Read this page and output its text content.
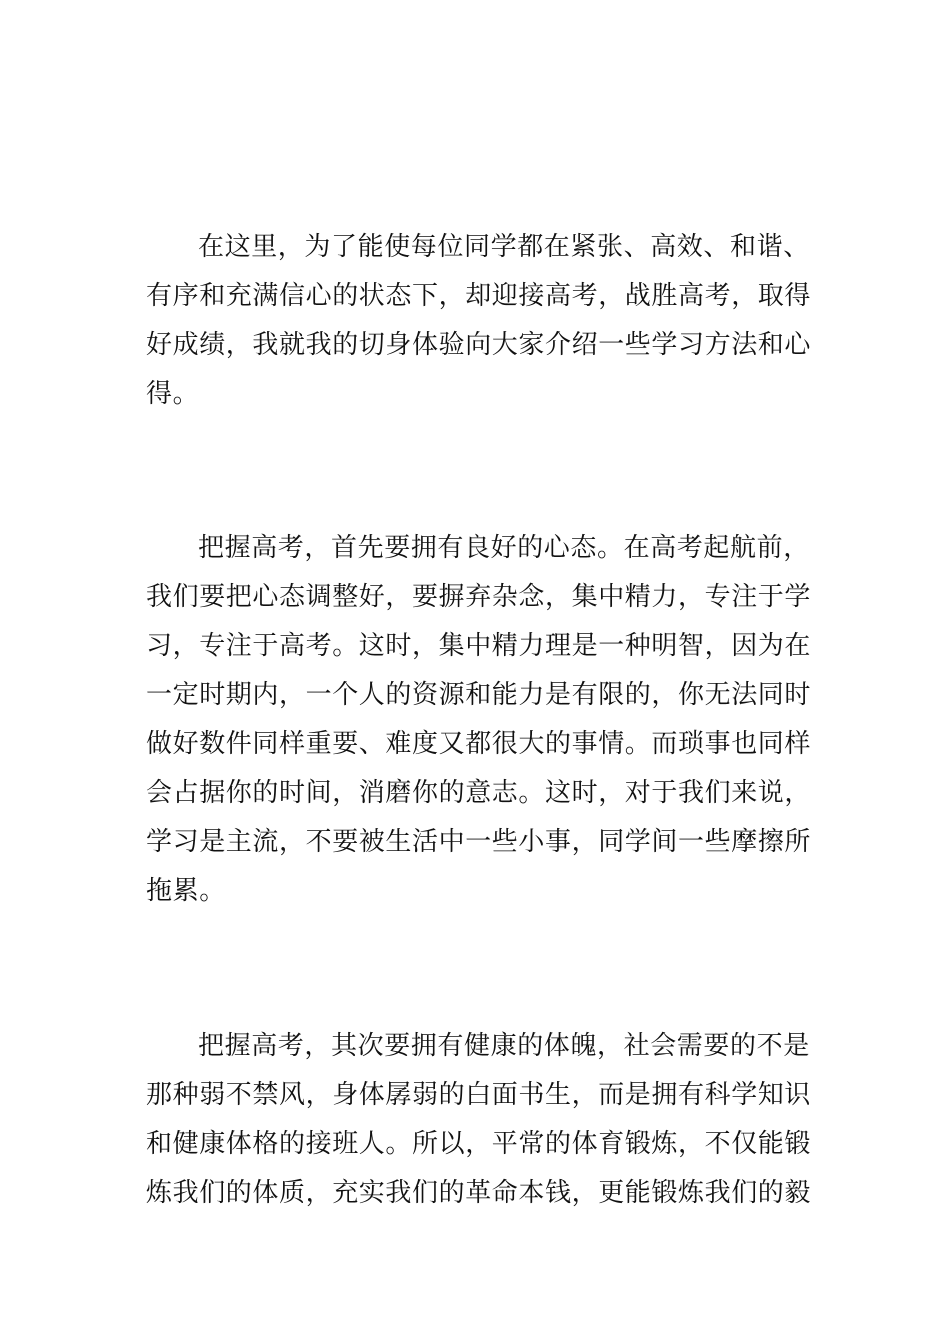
在这里，为了能使每位同学都在紧张、高效、和谐、
有序和充满信心的状态下，却迎接高考，战胜高考，取得
好成绩，我就我的切身体验向大家介绍一些学习方法和心
得。
把握高考，首先要拥有良好的心态。在高考起航前，
我们要把心态调整好，要摒弃杂念，集中精力，专注于学
习，专注于高考。这时，集中精力理是一种明智，因为在
一定时期内，一个人的资源和能力是有限的，你无法同时
做好数件同样重要、难度又都很大的事情。而琐事也同样
会占据你的时间，消磨你的意志。这时，对于我们来说，
学习是主流，不要被生活中一些小事，同学间一些摩擦所
拖累。
把握高考，其次要拥有健康的体魄，社会需要的不是
那种弱不禁风，身体孱弱的白面书生，而是拥有科学知识
和健康体格的接班人。所以，平常的体育锻炼，不仅能锻
炼我们的体质，充实我们的革命本钱，更能锻炼我们的毅
